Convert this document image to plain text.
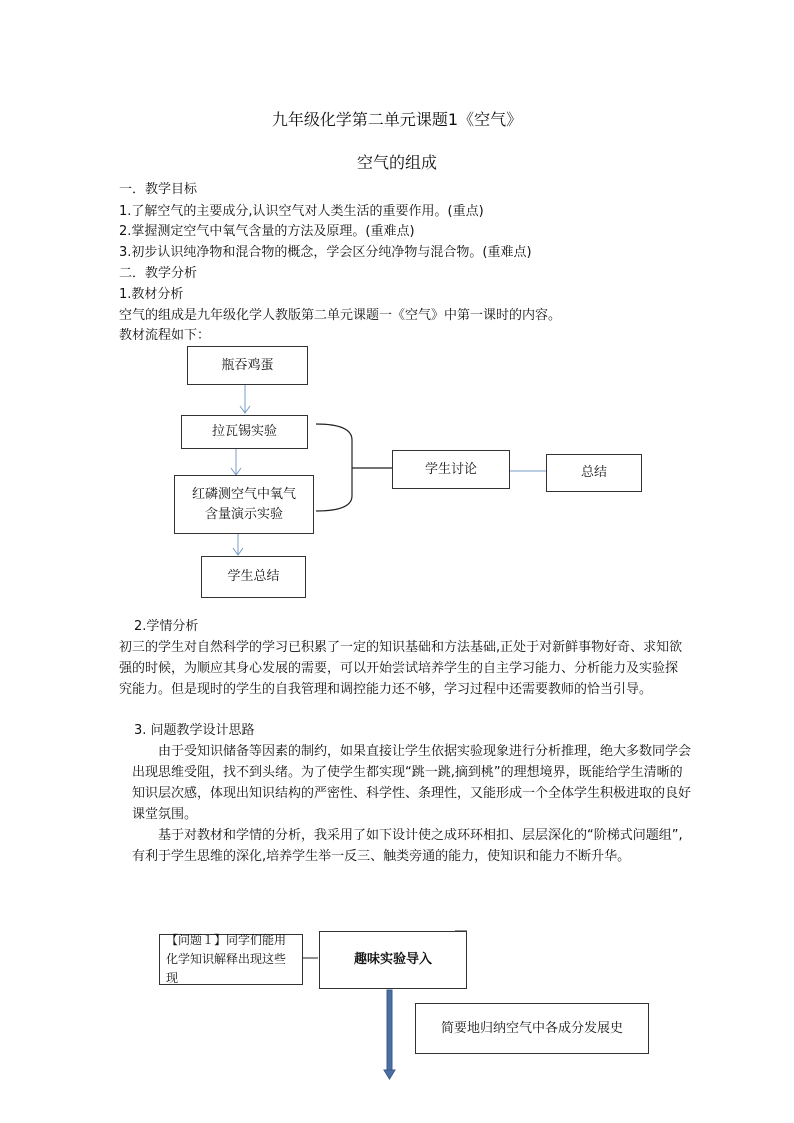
九年级化学第二单元课题1《空气》
空气的组成
一．教学目标
1.了解空气的主要成分,认识空气对人类生活的重要作用。(重点)
2.掌握测定空气中氧气含量的方法及原理。(重难点)
3.初步认识纯净物和混合物的概念，学会区分纯净物与混合物。(重难点)
二．教学分析
1.教材分析
空气的组成是九年级化学人教版第二单元课题一《空气》中第一课时的内容。
教材流程如下：
瓶吞鸡蛋
拉瓦锡实验
红磷测空气中氧气含量演示实验
学生总结
学生讨论	总结
2.学情分析
初三的学生对自然科学的学习已积累了一定的知识基础和方法基础,正处于对新鲜事物好奇、求知欲强的时候，为顺应其身心发展的需要，可以开始尝试培养学生的自主学习能力、分析能力及实验探究能力。但是现时的学生的自我管理和调控能力还不够，学习过程中还需要教师的恰当引导。
3. 问题教学设计思路
由于受知识储备等因素的制约，如果直接让学生依据实验现象进行分析推理，绝大多数同学会出现思维受阻，找不到头绪。为了使学生都实现“跳一跳,摘到桃”的理想境界，既能给学生清晰的知识层次感，体现出知识结构的严密性、科学性、条理性，又能形成一个全体学生积极进取的良好课堂氛围。
基于对教材和学情的分析，我采用了如下设计使之成环环相扣、层层深化的“阶梯式问题组”,有利于学生思维的深化,培养学生举一反三、触类旁通的能力，使知识和能力不断升华。
【问题１】同学们能用化学知识解释出现这些现
趣味实验导入
简要地归纳空气中各成分发展史
